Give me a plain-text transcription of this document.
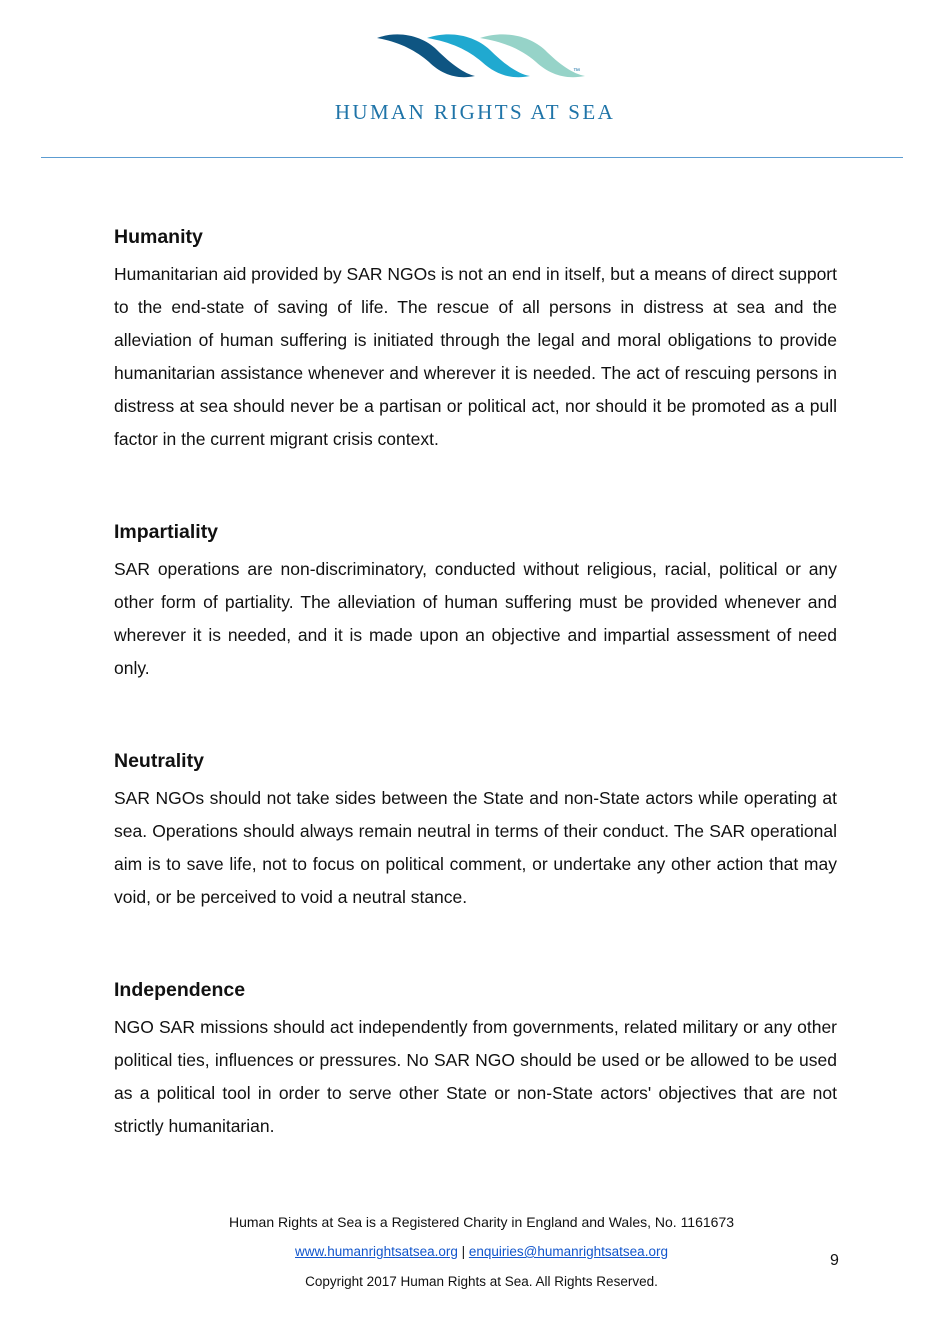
™
HUMAN RIGHTS AT SEA
Humanity

Humanitarian aid provided by SAR NGOs is not an end in itself, but a means of direct support to the end-state of saving of life. The rescue of all persons in distress at sea and the alleviation of human suffering is initiated through the legal and moral obligations to provide humanitarian assistance whenever and wherever it is needed. The act of rescuing persons in distress at sea should never be a partisan or political act, nor should it be promoted as a pull factor in the current migrant crisis context.

Impartiality

SAR operations are non-discriminatory, conducted without religious, racial, political or any other form of partiality. The alleviation of human suffering must be provided whenever and wherever it is needed, and it is made upon an objective and impartial assessment of need only.

Neutrality

SAR NGOs should not take sides between the State and non-State actors while operating at sea. Operations should always remain neutral in terms of their conduct. The SAR operational aim is to save life, not to focus on political comment, or undertake any other action that may void, or be perceived to void a neutral stance.

Independence

NGO SAR missions should act independently from governments, related military or any other political ties, influences or pressures. No SAR NGO should be used or be allowed to be used as a political tool in order to serve other State or non-State actors' objectives that are not strictly humanitarian.

Human Rights at Sea is a Registered Charity in England and Wales, No. 1161673
www.humanrightsatsea.org | enquiries@humanrightsatsea.org
Copyright 2017 Human Rights at Sea. All Rights Reserved.
9
